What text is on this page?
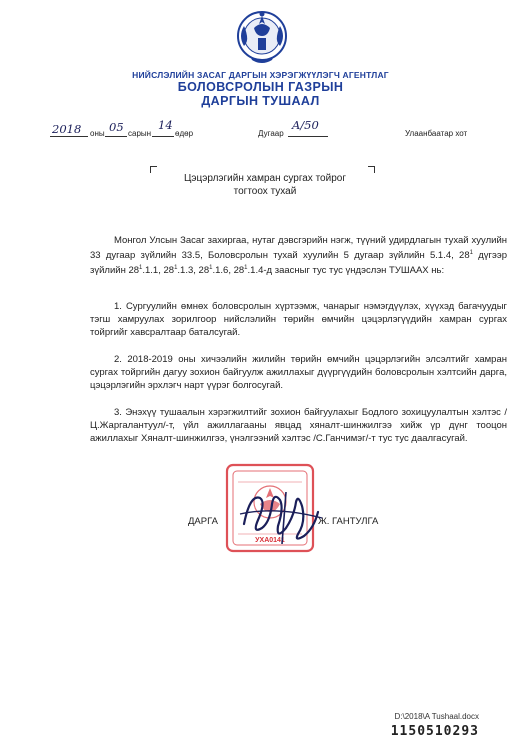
НИЙСЛЭЛИЙН ЗАСАГ ДАРГЫН ХЭРЭГЖҮҮЛЭГЧ АГЕНТЛАГ
БОЛОВСРОЛЫН ГАЗРЫН
ДАРГЫН ТУШААЛ
2018 оны 05 сарын
14
өдөр	Дугаар
A/50
Улаанбаатар хот
Цэцэрлэгийн хамран сургах тойрог
тогтоох тухай
Монгол Улсын Засаг захиргаа, нутаг дэвсгэрийн нэгж, түүний удирдлагын тухай хуулийн 33 дугаар зүйлийн 33.5, Боловсролын тухай хуулийн 5 дугаар зүйлийн 5.1.4, $28^1$ дүгээр зүйлийн $28^1.1.1$, $28^1.1.3$, $28^1.1.6$, $28^1.1.4-д$ заасныг тус тус үндэслэн ТУШААХ нь:
1. Сургуулийн өмнөх боловсролын хүртээмж, чанарыг нэмэгдүүлэх, хүүхэд багачуудыг тэгш хамруулах зорилгоор нийслэлийн төрийн өмчийн цэцэрлэгүүдийн хамран сургах тойргийг хавсралтаар баталсугай.
2. 2018-2019 оны хичээлийн жилийн төрийн өмчийн цэцэрлэгийн элсэлтийг хамран сургах тойргийн дагуу зохион байгуулж ажиллахыг дүүргүүдийн боловсролын хэлтсийн дарга, цэцэрлэгийн эрхлэгч нарт үүрэг болгосугай.
3. Энэхүү тушаалын хэрэгжилтийг зохион байгуулахыг Бодлого зохицуулалтын хэлтэс /Ц.Жаргалантуул/-т, үйл ажиллагааны явцад хяналт-шинжилгээ хийж үр дүнг тооцон ажиллахыг Хяналт-шинжилгээ, үнэлгээний хэлтэс /С.Ганчимэг/-т тус тус даалгасугай.
УХА0141
ДАРГА	Ж. ГАНТУЛГА
D:\2018\A Tushaal.docx
1150510293
